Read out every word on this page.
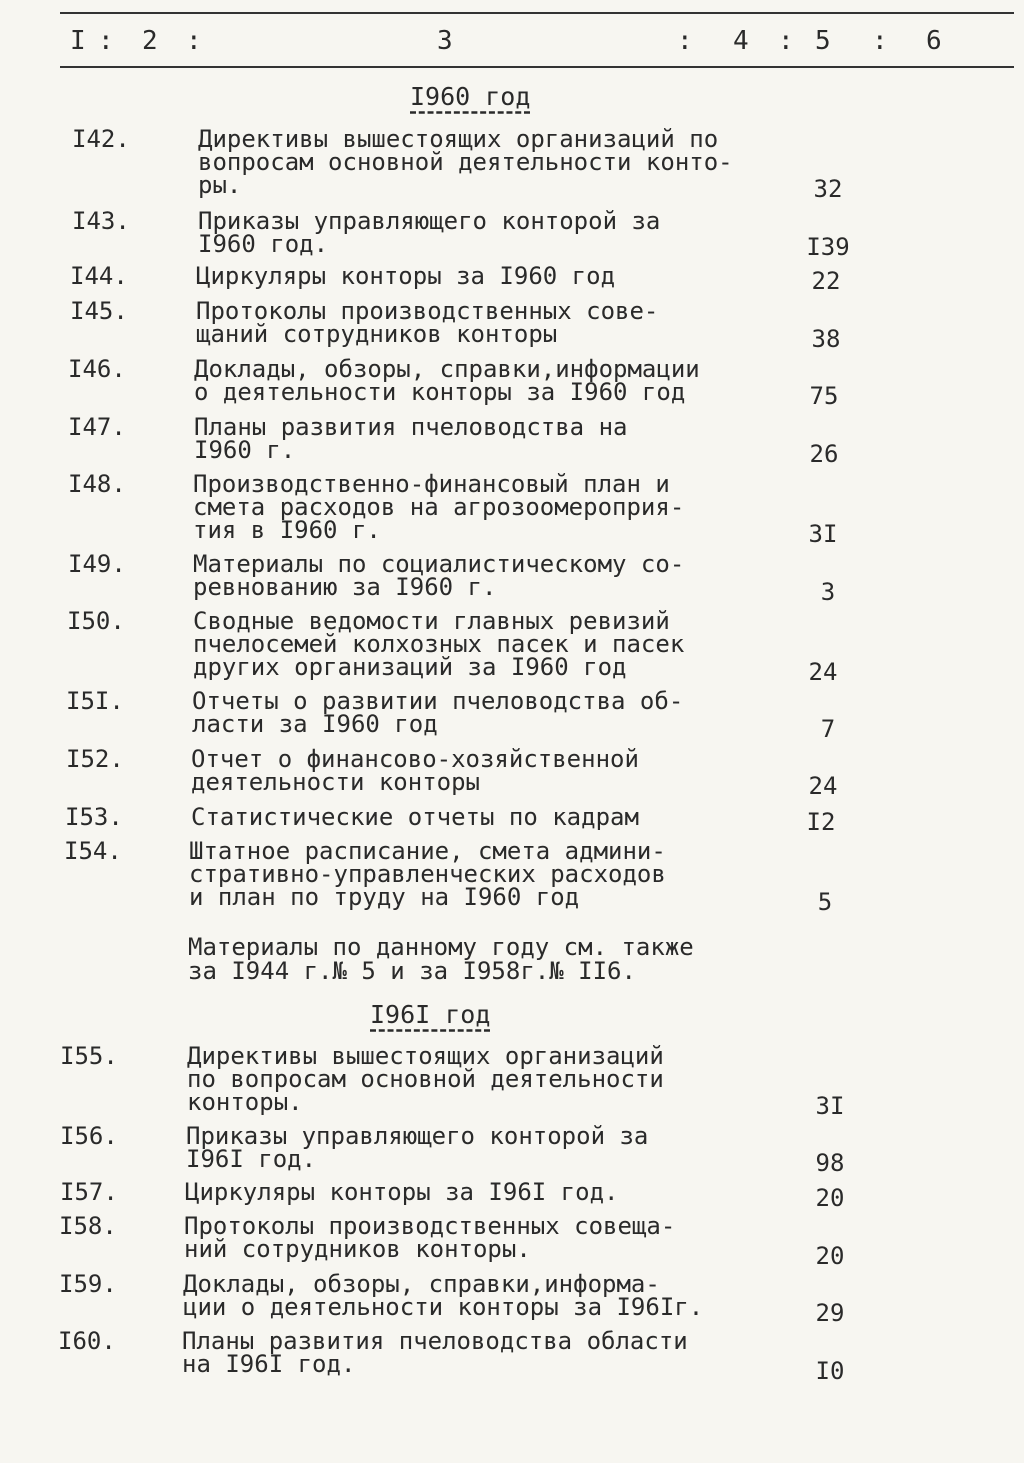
I : 2 :	3	: 4 : 5 : 6
I960 год
I42.	Директивы вышестоящих организаций по
вопросам основной деятельности конто-
ры.	32
I43.	Приказы управляющего конторой за
I960 год.	I39
I44.	Циркуляры конторы за I960 год	22
I45.	Протоколы производственных сове-
щаний сотрудников конторы	38
I46.	Доклады, обзоры, справки,информации
о деятельности конторы за I960 год	75
I47.	Планы развития пчеловодства на
I960 г.	26
I48.	Производственно-финансовый план и
смета расходов на агрозоомероприя-
тия в I960 г.	3I
I49.	Материалы по социалистическому со-
ревнованию за I960 г.	3
I50.	Сводные ведомости главных ревизий
пчелосемей колхозных пасек и пасек
других организаций за I960 год	24
I5I.	Отчеты о развитии пчеловодства об-
ласти за I960 год	7
I52.	Отчет о финансово-хозяйственной
деятельности конторы	24
I53.	Статистические отчеты по кадрам	I2
I54.	Штатное расписание, смета админи-
стративно-управленческих расходов
и план по труду на I960 год	5
Материалы по данному году см. также
за I944 г.№ 5 и за I958г.№ II6.
I96I год
I55.	Директивы вышестоящих организаций
по вопросам основной деятельности
конторы.	3I
I56.	Приказы управляющего конторой за
I96I год.	98
I57.	Циркуляры конторы за I96I год.	20
I58.	Протоколы производственных совеща-
ний сотрудников конторы.	20
I59.	Доклады, обзоры, справки,информа-
ции о деятельности конторы за I96Iг.	29
I60.	Планы развития пчеловодства области
на I96I год.	I0
